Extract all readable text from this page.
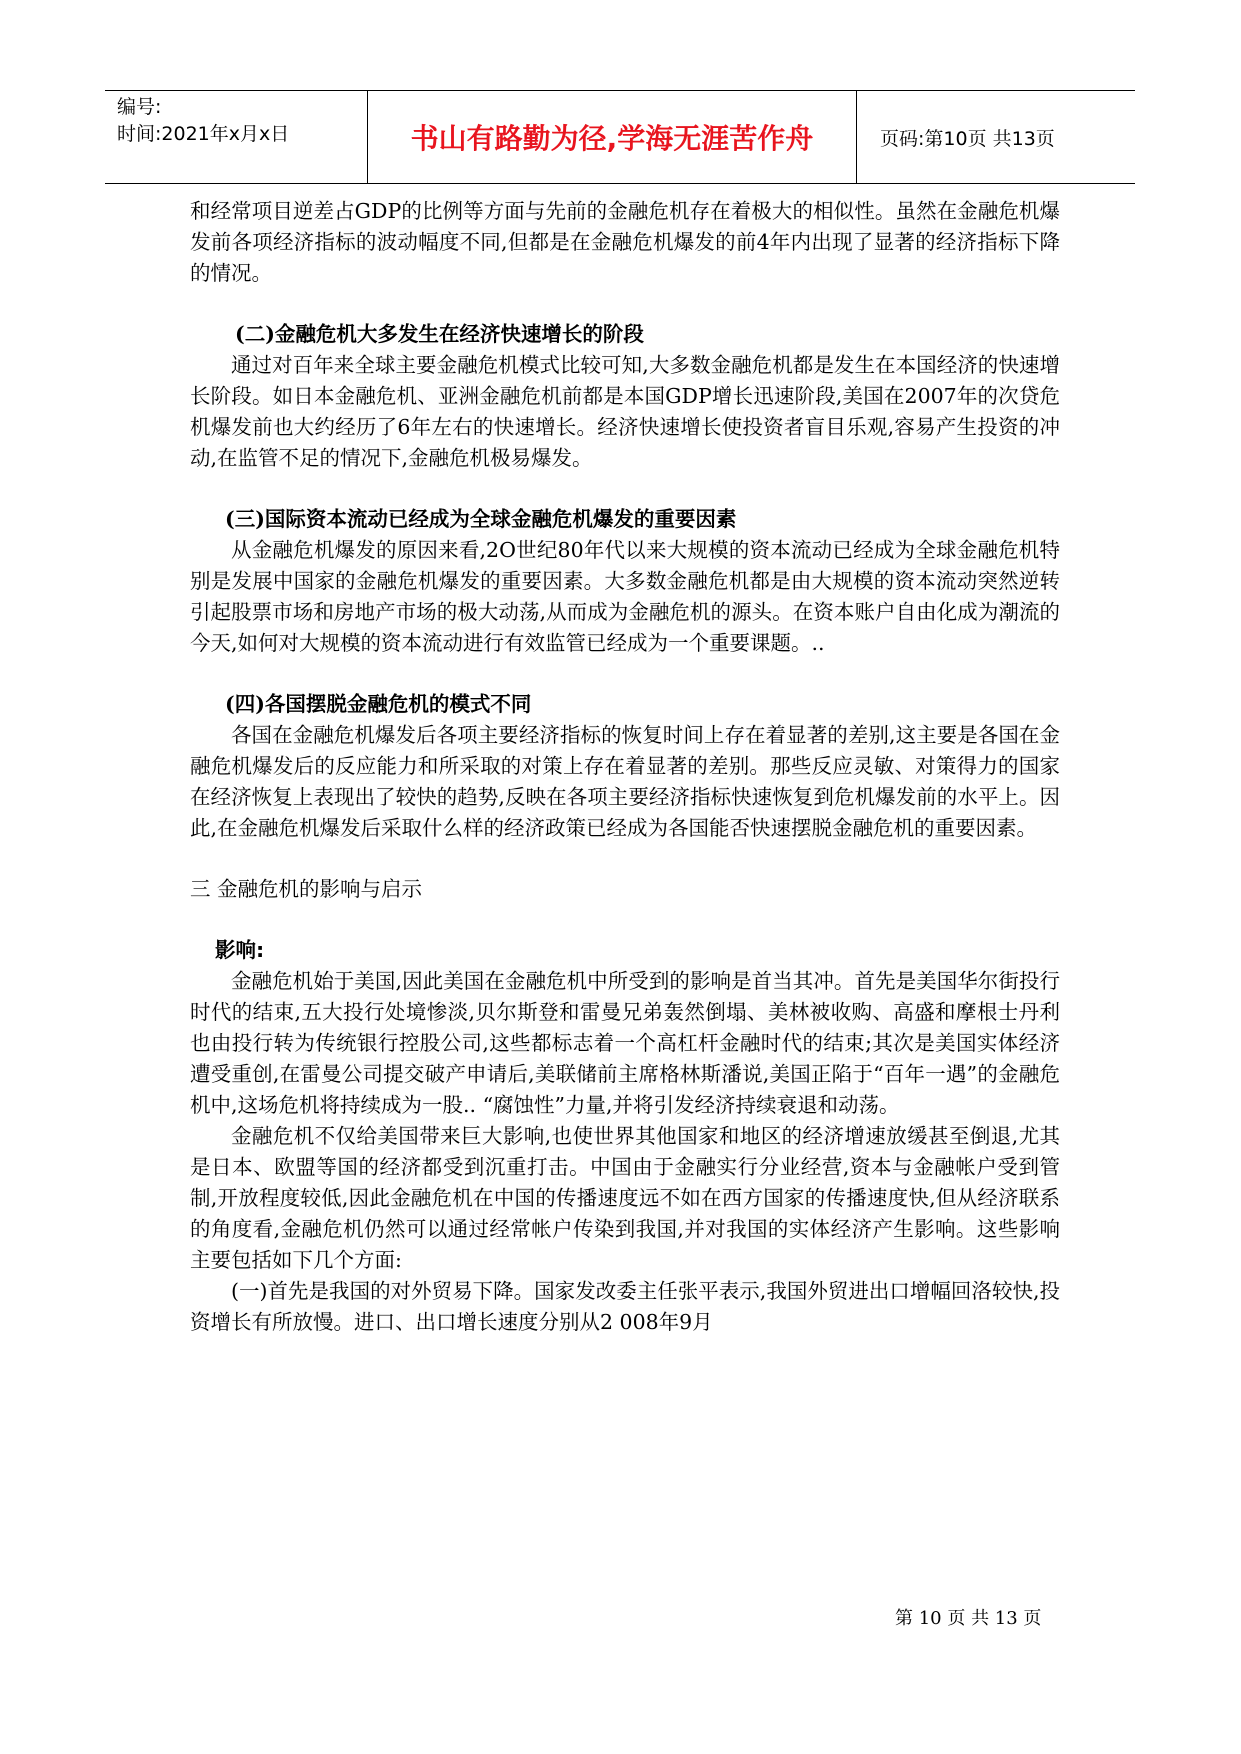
编号:
时间:2021年x月x日	书山有路勤为径,学海无涯苦作舟	页码:第10页 共13页

和经常项目逆差占GDP的比例等方面与先前的金融危机存在着极大的相似性。虽然在金融危机爆发前各项经济指标的波动幅度不同,但都是在金融危机爆发的前4年内出现了显著的经济指标下降的情况。

(二)金融危机大多发生在经济快速增长的阶段

通过对百年来全球主要金融危机模式比较可知,大多数金融危机都是发生在本国经济的快速增长阶段。如日本金融危机、亚洲金融危机前都是本国GDP增长迅速阶段,美国在2007年的次贷危机爆发前也大约经历了6年左右的快速增长。经济快速增长使投资者盲目乐观,容易产生投资的冲动,在监管不足的情况下,金融危机极易爆发。

(三)国际资本流动已经成为全球金融危机爆发的重要因素

从金融危机爆发的原因来看,2O世纪80年代以来大规模的资本流动已经成为全球金融危机特别是发展中国家的金融危机爆发的重要因素。大多数金融危机都是由大规模的资本流动突然逆转引起股票市场和房地产市场的极大动荡,从而成为金融危机的源头。在资本账户自由化成为潮流的今天,如何对大规模的资本流动进行有效监管已经成为一个重要课题。..

(四)各国摆脱金融危机的模式不同

各国在金融危机爆发后各项主要经济指标的恢复时间上存在着显著的差别,这主要是各国在金融危机爆发后的反应能力和所采取的对策上存在着显著的差别。那些反应灵敏、对策得力的国家在经济恢复上表现出了较快的趋势,反映在各项主要经济指标快速恢复到危机爆发前的水平上。因此,在金融危机爆发后采取什么样的经济政策已经成为各国能否快速摆脱金融危机的重要因素。

三 金融危机的影响与启示

影响:

金融危机始于美国,因此美国在金融危机中所受到的影响是首当其冲。首先是美国华尔街投行时代的结束,五大投行处境惨淡,贝尔斯登和雷曼兄弟轰然倒塌、美林被收购、高盛和摩根士丹利也由投行转为传统银行控股公司,这些都标志着一个高杠杆金融时代的结束;其次是美国实体经济遭受重创,在雷曼公司提交破产申请后,美联储前主席格林斯潘说,美国正陷于“百年一遇”的金融危机中,这场危机将持续成为一股.. “腐蚀性”力量,并将引发经济持续衰退和动荡。

金融危机不仅给美国带来巨大影响,也使世界其他国家和地区的经济增速放缓甚至倒退,尤其是日本、欧盟等国的经济都受到沉重打击。中国由于金融实行分业经营,资本与金融帐户受到管制,开放程度较低,因此金融危机在中国的传播速度远不如在西方国家的传播速度快,但从经济联系的角度看,金融危机仍然可以通过经常帐户传染到我国,并对我国的实体经济产生影响。这些影响主要包括如下几个方面:

(一)首先是我国的对外贸易下降。国家发改委主任张平表示,我国外贸进出口增幅回洛较快,投资增长有所放慢。进口、出口增长速度分别从2 008年9月

第 10 页 共 13 页
